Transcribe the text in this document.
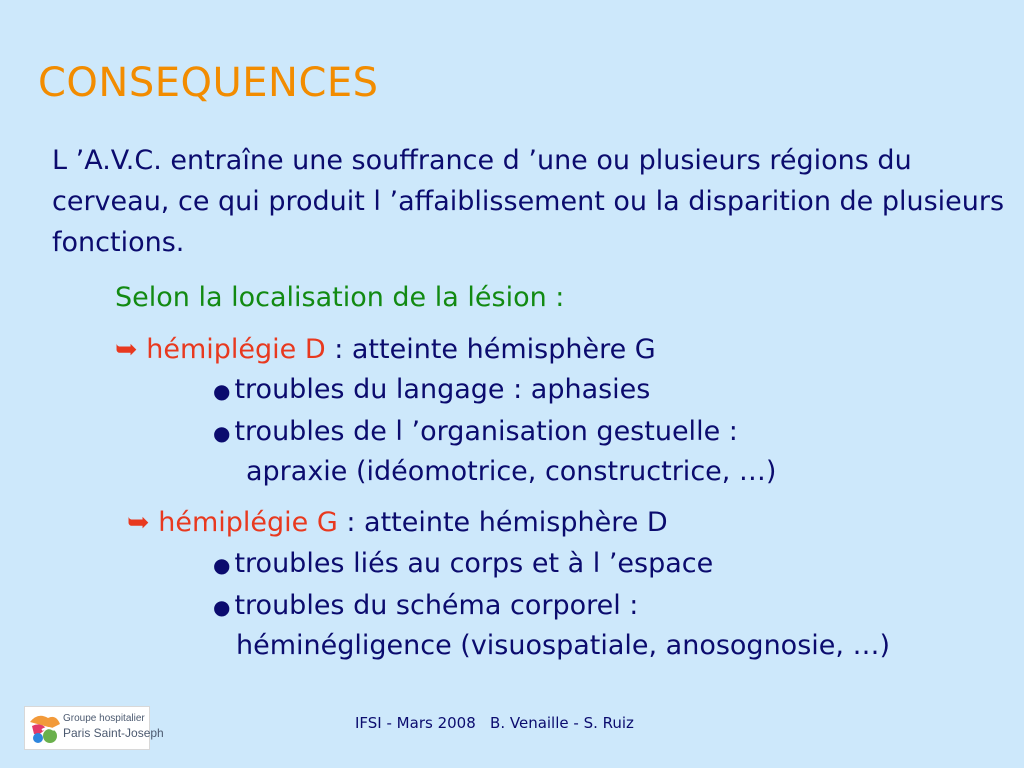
CONSEQUENCES
L ’A.V.C. entraîne une souffrance d ’une ou plusieurs régions du cerveau, ce qui produit l ’affaiblissement ou la disparition de plusieurs fonctions.
Selon la localisation de la lésion :
➥ hémiplégie D : atteinte hémisphère G
● troubles du langage : aphasies
● troubles de l ’organisation gestuelle :
apraxie (idéomotrice, constructrice, …)
➥ hémiplégie G : atteinte hémisphère D
● troubles liés au corps et à l ’espace
● troubles du schéma corporel :
héminégligence (visuospatiale, anosognosie, …)
Groupe hospitalier
Paris Saint-Joseph
IFSI - Mars 2008   B. Venaille - S. Ruiz
